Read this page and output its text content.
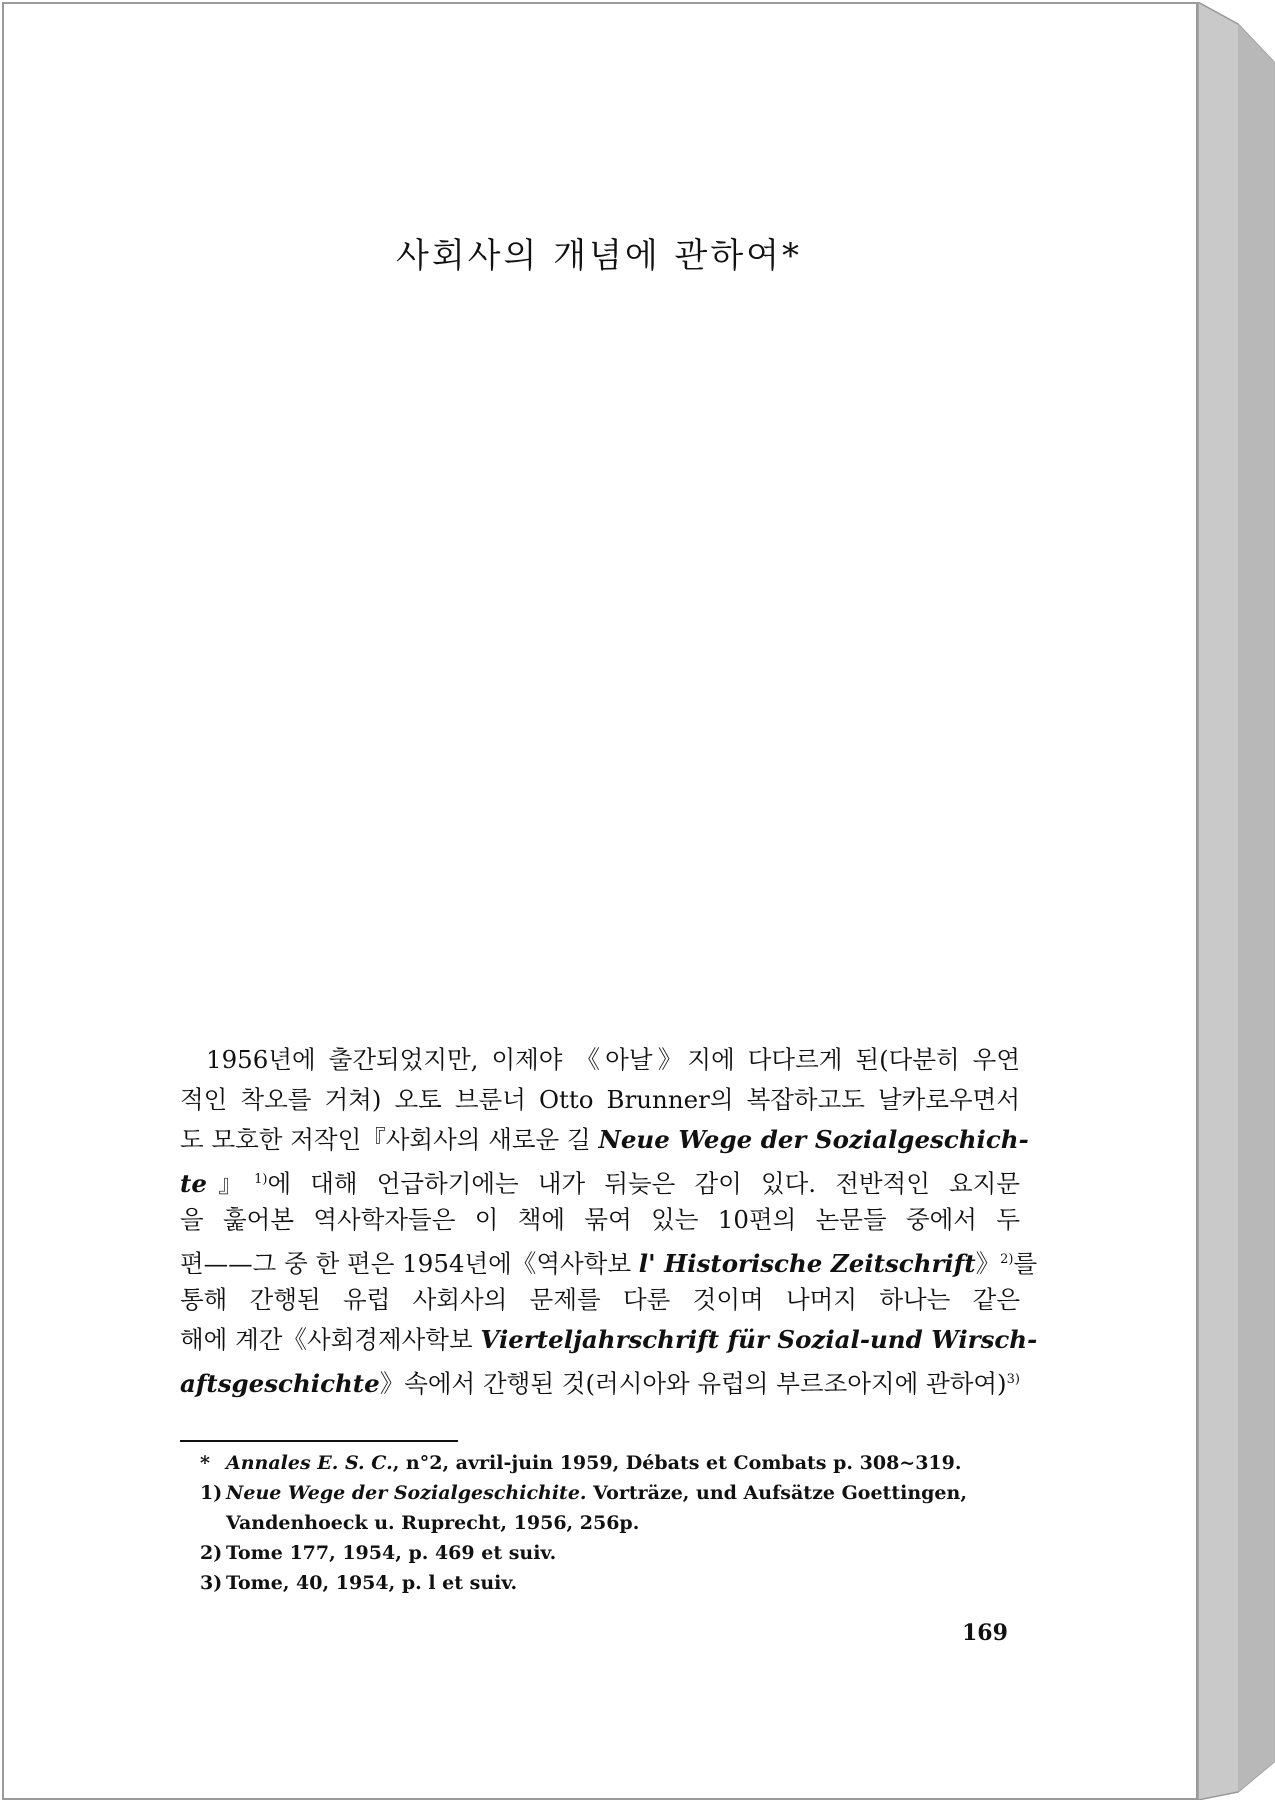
사회사의 개념에 관하여*
1956년에 출간되었지만, 이제야 《아날》지에 다다르게 된(다분히 우연
적인 착오를 거쳐) 오토 브룬너 Otto Brunner의 복잡하고도 날카로우면서
도 모호한 저작인『사회사의 새로운 길 Neue Wege der Sozialgeschich-
te』$^{1)}$에 대해 언급하기에는 내가 뒤늦은 감이 있다. 전반적인 요지문
을 훑어본 역사학자들은 이 책에 묶여 있는 10편의 논문들 중에서 두
편——그 중 한 편은 1954년에《역사학보 l' Historische Zeitschrift》$^{2)}$를
통해 간행된 유럽 사회사의 문제를 다룬 것이며 나머지 하나는 같은
해에 계간《사회경제사학보 Vierteljahrschrift für Sozial-und Wirsch-
aftsgeschichte》속에서 간행된 것(러시아와 유럽의 부르조아지에 관하여)$^{3)}$
* Annales E. S. C., n°2, avril-juin 1959, Débats et Combats p. 308~319.
1) Neue Wege der Sozialgeschichite. Vorträze, und Aufsätze Goettingen,
Vandenhoeck u. Ruprecht, 1956, 256p.
2) Tome 177, 1954, p. 469 et suiv.
3) Tome, 40, 1954, p. l et suiv.
169
